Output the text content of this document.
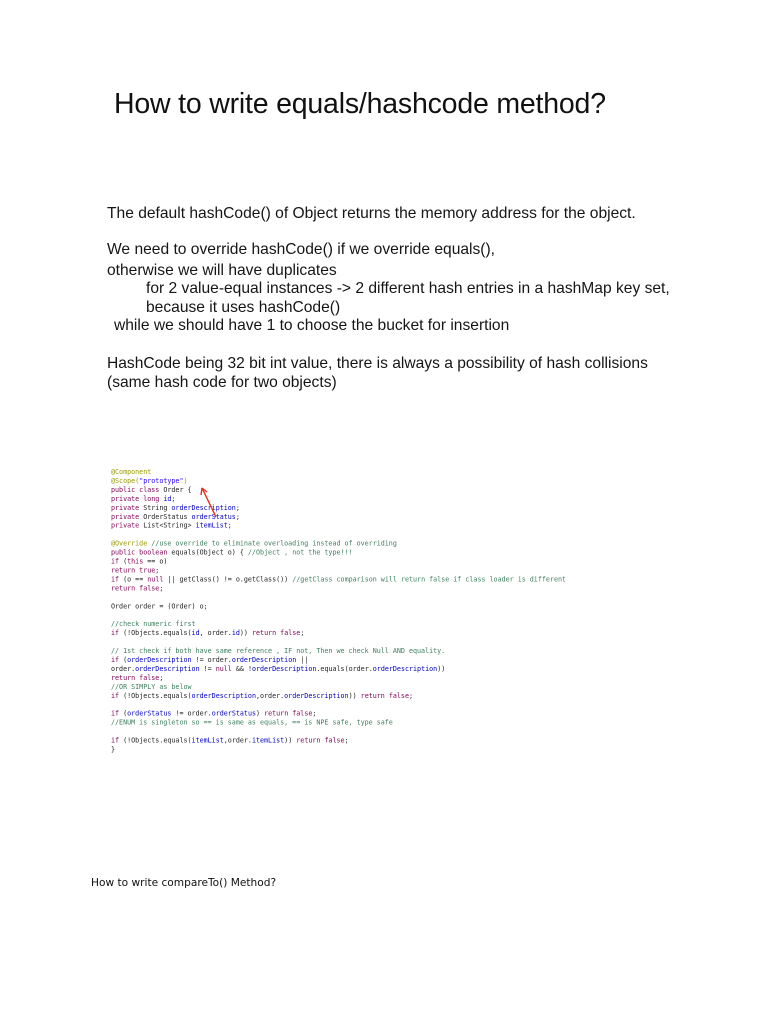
How to write equals/hashcode method?
The default hashCode() of Object returns the memory address for the object.
We need to override hashCode() if we override equals(),
otherwise we will have duplicates
for 2 value-equal instances -> 2 different hash entries in a hashMap key set,
because it uses hashCode()
while we should have 1 to choose the bucket for insertion
HashCode being 32 bit int value, there is always a possibility of hash collisions
(same hash code for two objects)
@Component
@Scope("prototype")
public class Order {
private long id;
private String orderDescription;
private OrderStatus orderStatus;
private List<String> itemList;
@Override //use override to eliminate overloading instead of overriding
public boolean equals(Object o) { //Object , not the type!!!
if (this == o)
return true;
if (o == null || getClass() != o.getClass()) //getClass comparison will return false if class loader is different
return false;
Order order = (Order) o;
//check numeric first
if (!Objects.equals(id, order.id)) return false;
// 1st check if both have same reference , IF not, Then we check Null AND equality.
if (orderDescription != order.orderDescription ||
order.orderDescription != null && !orderDescription.equals(order.orderDescription))
return false;
//OR SIMPLY as below
if (!Objects.equals(orderDescription,order.orderDescription)) return false;
if (orderStatus != order.orderStatus) return false;
//ENUM is singleton so == is same as equals, == is NPE safe, type safe
if (!Objects.equals(itemList,order.itemList)) return false;
}
How to write compareTo() Method?
